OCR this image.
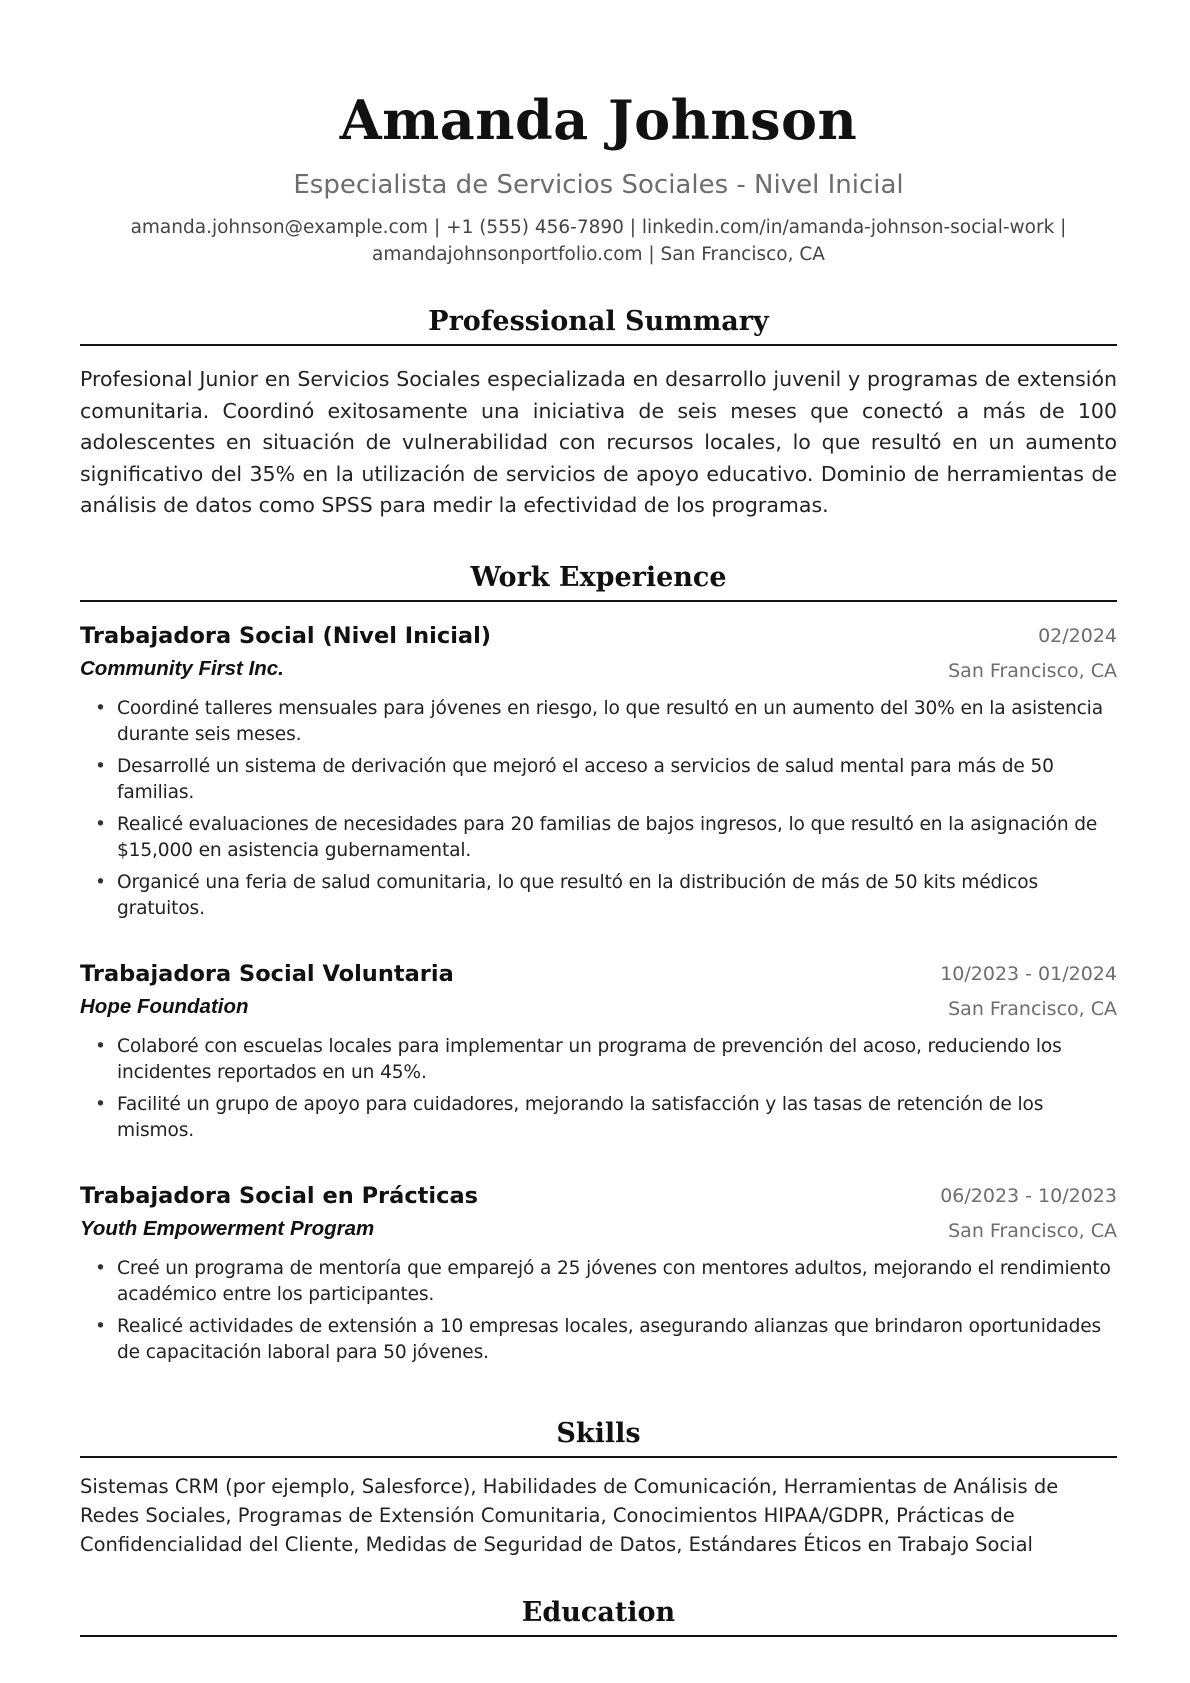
Amanda Johnson
Especialista de Servicios Sociales - Nivel Inicial
amanda.johnson@example.com | +1 (555) 456-7890 | linkedin.com/in/amanda-johnson-social-work |
amandajohnsonportfolio.com | San Francisco, CA
Professional Summary
Profesional Junior en Servicios Sociales especializada en desarrollo juvenil y programas de extensión comunitaria. Coordinó exitosamente una iniciativa de seis meses que conectó a más de 100 adolescentes en situación de vulnerabilidad con recursos locales, lo que resultó en un aumento significativo del 35% en la utilización de servicios de apoyo educativo. Dominio de herramientas de análisis de datos como SPSS para medir la efectividad de los programas.
Work Experience
Trabajadora Social (Nivel Inicial)	02/2024
Community First Inc.	San Francisco, CA
• Coordiné talleres mensuales para jóvenes en riesgo, lo que resultó en un aumento del 30% en la asistencia durante seis meses.
• Desarrollé un sistema de derivación que mejoró el acceso a servicios de salud mental para más de 50 familias.
• Realicé evaluaciones de necesidades para 20 familias de bajos ingresos, lo que resultó en la asignación de $15,000 en asistencia gubernamental.
• Organicé una feria de salud comunitaria, lo que resultó en la distribución de más de 50 kits médicos gratuitos.
Trabajadora Social Voluntaria	10/2023 - 01/2024
Hope Foundation	San Francisco, CA
• Colaboré con escuelas locales para implementar un programa de prevención del acoso, reduciendo los incidentes reportados en un 45%.
• Facilité un grupo de apoyo para cuidadores, mejorando la satisfacción y las tasas de retención de los mismos.
Trabajadora Social en Prácticas	06/2023 - 10/2023
Youth Empowerment Program	San Francisco, CA
• Creé un programa de mentoría que emparejó a 25 jóvenes con mentores adultos, mejorando el rendimiento académico entre los participantes.
• Realicé actividades de extensión a 10 empresas locales, asegurando alianzas que brindaron oportunidades de capacitación laboral para 50 jóvenes.
Skills
Sistemas CRM (por ejemplo, Salesforce), Habilidades de Comunicación, Herramientas de Análisis de Redes Sociales, Programas de Extensión Comunitaria, Conocimientos HIPAA/GDPR, Prácticas de Confidencialidad del Cliente, Medidas de Seguridad de Datos, Estándares Éticos en Trabajo Social
Education
